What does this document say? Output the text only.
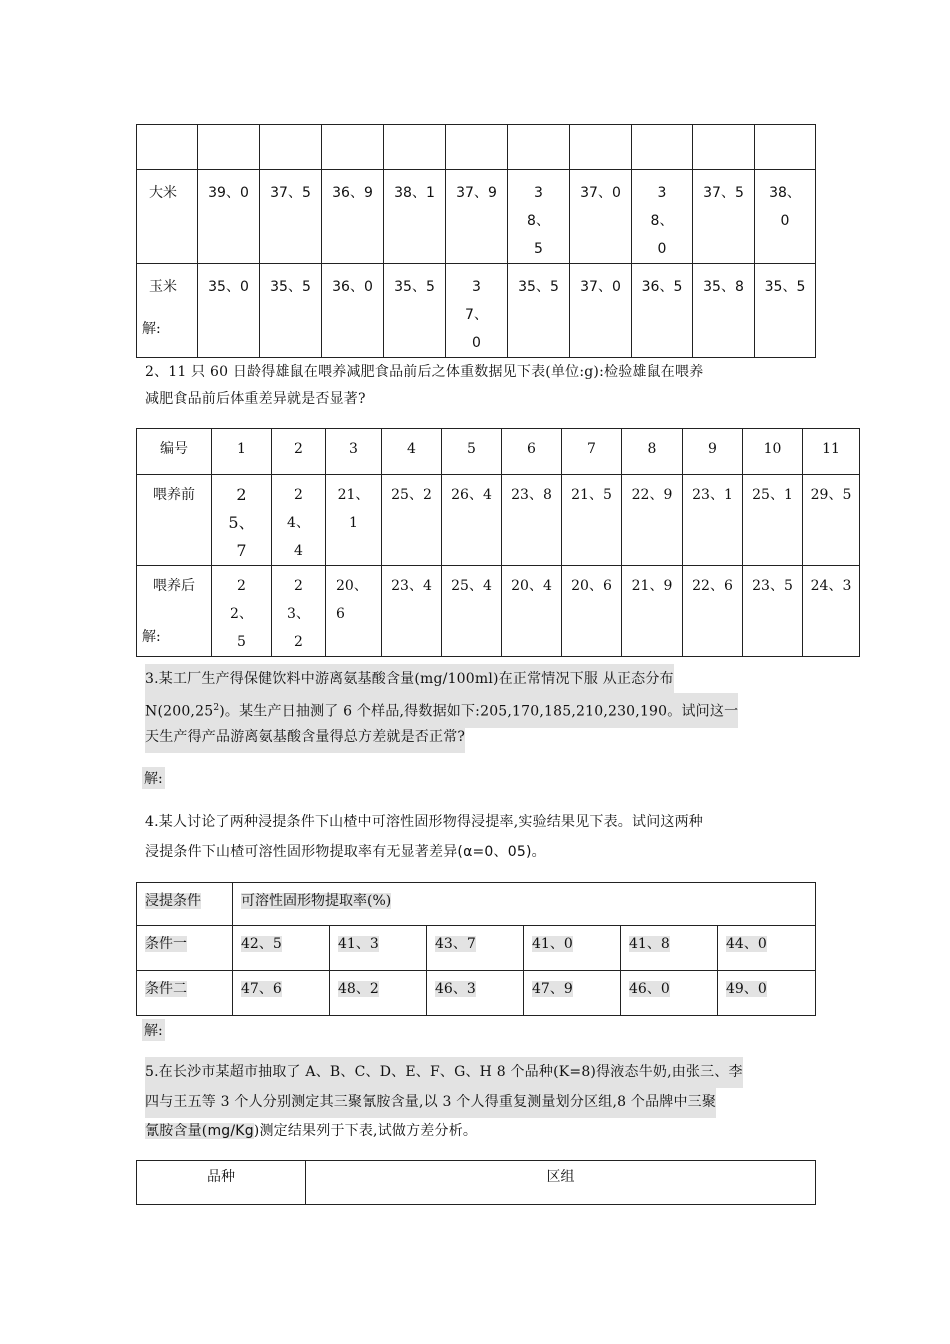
大米	39、0	37、5	36、9	38、1	37、9	38、5	37、0	38、0	37、5	38、0
玉米	35、0	35、5	36、0	35、5	37、0	35、5	37、0	36、5	35、8	35、5
解:
2、11 只 60 日龄得雄鼠在喂养减肥食品前后之体重数据见下表(单位:g):检验雄鼠在喂养
减肥食品前后体重差异就是否显著?
编号	1	2	3	4	5	6	7	8	9	10	11
喂养前	25、7	24、4	21、1	25、2	26、4	23、8	21、5	22、9	23、1	25、1	29、5
喂养后	22、5	23、2	20、6	23、4	25、4	20、4	20、6	21、9	22、6	23、5	24、3
解:
3.某工厂生产得保健饮料中游离氨基酸含量(mg/100ml)在正常情况下服 从正态分布
N(200,25$^2$)。某生产日抽测了 6 个样品,得数据如下:205,170,185,210,230,190。试问这一
天生产得产品游离氨基酸含量得总方差就是否正常?
解:
4.某人讨论了两种浸提条件下山楂中可溶性固形物得浸提率,实验结果见下表。试问这两种
浸提条件下山楂可溶性固形物提取率有无显著差异(α=0、05)。
浸提条件	可溶性固形物提取率(%)					
条件一	42、5	41、3	43、7	41、0	41、8	44、0
条件二	47、6	48、2	46、3	47、9	46、0	49、0
解:
5.在长沙市某超市抽取了 A、B、C、D、E、F、G、H 8 个品种(K=8)得液态牛奶,由张三、李
四与王五等 3 个人分别测定其三聚氰胺含量,以 3 个人得重复测量划分区组,8 个品牌中三聚
氰胺含量(mg/Kg)测定结果列于下表,试做方差分析。
品种	区组
